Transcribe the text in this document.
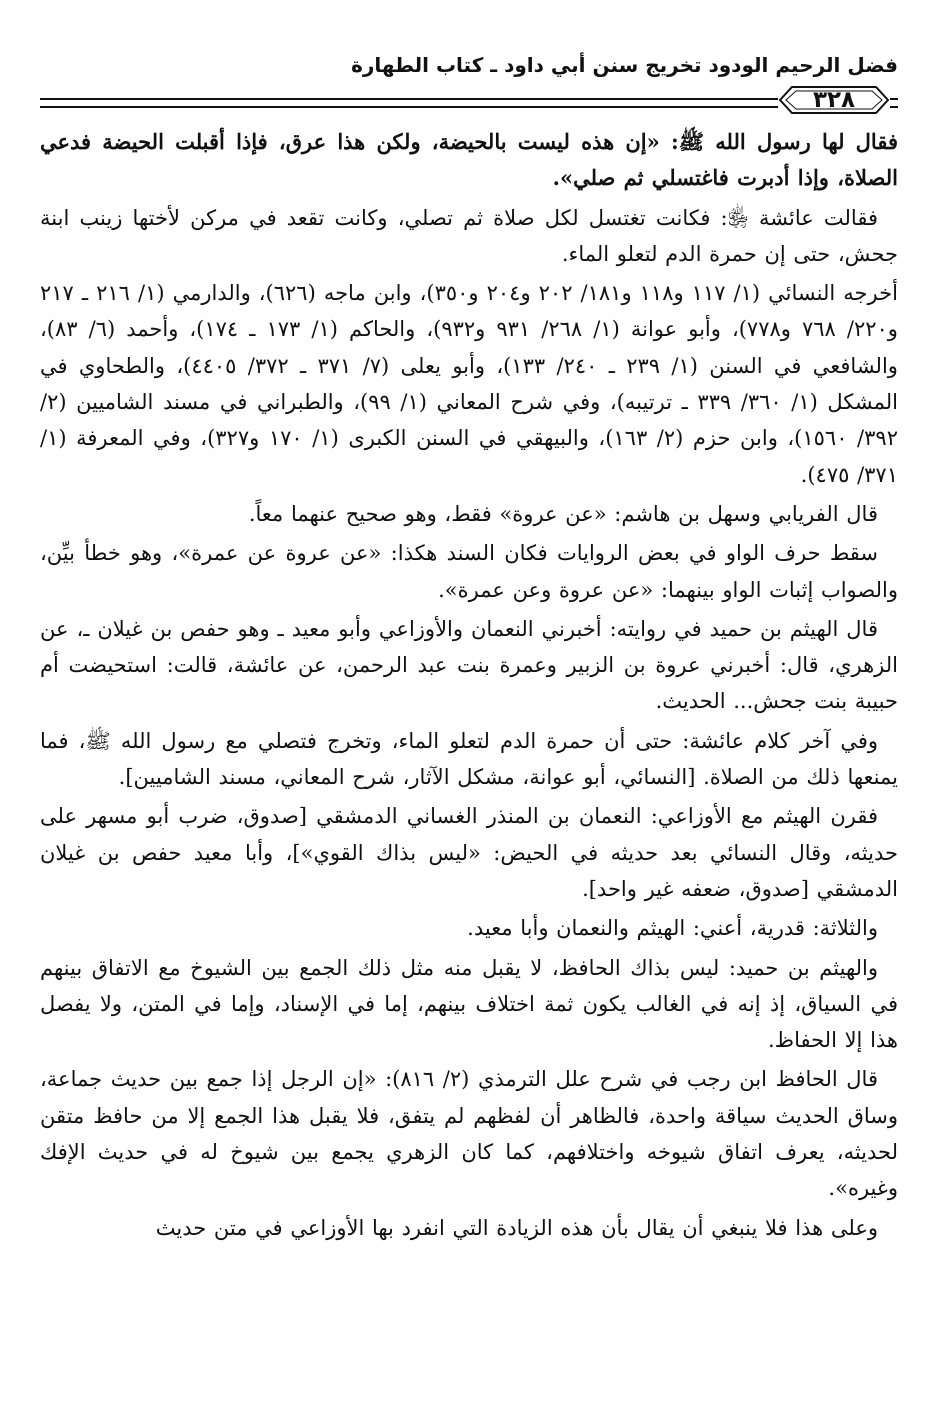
فضل الرحيم الودود تخريج سنن أبي داود ـ كتاب الطهارة
٣٢٨

فقال لها رسول الله ﷺ: «إن هذه ليست بالحيضة، ولكن هذا عرق، فإذا أقبلت الحيضة فدعي الصلاة، وإذا أدبرت فاغتسلي ثم صلي».

فقالت عائشة ﵂: فكانت تغتسل لكل صلاة ثم تصلي، وكانت تقعد في مركن لأختها زينب ابنة جحش، حتى إن حمرة الدم لتعلو الماء.

أخرجه النسائي (١/ ١١٧ و١١٨ و١٨١/ ٢٠٢ و٢٠٤ و٣٥٠)، وابن ماجه (٦٢٦)، والدارمي (١/ ٢١٦ ـ ٢١٧ و٢٢٠/ ٧٦٨ و٧٧٨)، وأبو عوانة (١/ ٢٦٨/ ٩٣١ و٩٣٢)، والحاكم (١/ ١٧٣ ـ ١٧٤)، وأحمد (٦/ ٨٣)، والشافعي في السنن (١/ ٢٣٩ ـ ٢٤٠/ ١٣٣)، وأبو يعلى (٧/ ٣٧١ ـ ٣٧٢/ ٤٤٠٥)، والطحاوي في المشكل (١/ ٣٦٠/ ٣٣٩ ـ ترتيبه)، وفي شرح المعاني (١/ ٩٩)، والطبراني في مسند الشاميين (٢/ ٣٩٢/ ١٥٦٠)، وابن حزم (٢/ ١٦٣)، والبيهقي في السنن الكبرى (١/ ١٧٠ و٣٢٧)، وفي المعرفة (١/ ٣٧١/ ٤٧٥).

قال الفريابي وسهل بن هاشم: «عن عروة» فقط، وهو صحيح عنهما معاً.

سقط حرف الواو في بعض الروايات فكان السند هكذا: «عن عروة عن عمرة»، وهو خطأ بيِّن، والصواب إثبات الواو بينهما: «عن عروة وعن عمرة».

قال الهيثم بن حميد في روايته: أخبرني النعمان والأوزاعي وأبو معيد ـ وهو حفص بن غيلان ـ، عن الزهري، قال: أخبرني عروة بن الزبير وعمرة بنت عبد الرحمن، عن عائشة، قالت: استحيضت أم حبيبة بنت جحش... الحديث.

وفي آخر كلام عائشة: حتى أن حمرة الدم لتعلو الماء، وتخرج فتصلي مع رسول الله ﷺ، فما يمنعها ذلك من الصلاة. [النسائي، أبو عوانة، مشكل الآثار، شرح المعاني، مسند الشاميين].

فقرن الهيثم مع الأوزاعي: النعمان بن المنذر الغساني الدمشقي [صدوق، ضرب أبو مسهر على حديثه، وقال النسائي بعد حديثه في الحيض: «ليس بذاك القوي»]، وأبا معيد حفص بن غيلان الدمشقي [صدوق، ضعفه غير واحد].

والثلاثة: قدرية، أعني: الهيثم والنعمان وأبا معيد.

والهيثم بن حميد: ليس بذاك الحافظ، لا يقبل منه مثل ذلك الجمع بين الشيوخ مع الاتفاق بينهم في السياق، إذ إنه في الغالب يكون ثمة اختلاف بينهم، إما في الإسناد، وإما في المتن، ولا يفصل هذا إلا الحفاظ.

قال الحافظ ابن رجب في شرح علل الترمذي (٢/ ٨١٦): «إن الرجل إذا جمع بين حديث جماعة، وساق الحديث سياقة واحدة، فالظاهر أن لفظهم لم يتفق، فلا يقبل هذا الجمع إلا من حافظ متقن لحديثه، يعرف اتفاق شيوخه واختلافهم، كما كان الزهري يجمع بين شيوخ له في حديث الإفك وغيره».

وعلى هذا فلا ينبغي أن يقال بأن هذه الزيادة التي انفرد بها الأوزاعي في متن حديث
